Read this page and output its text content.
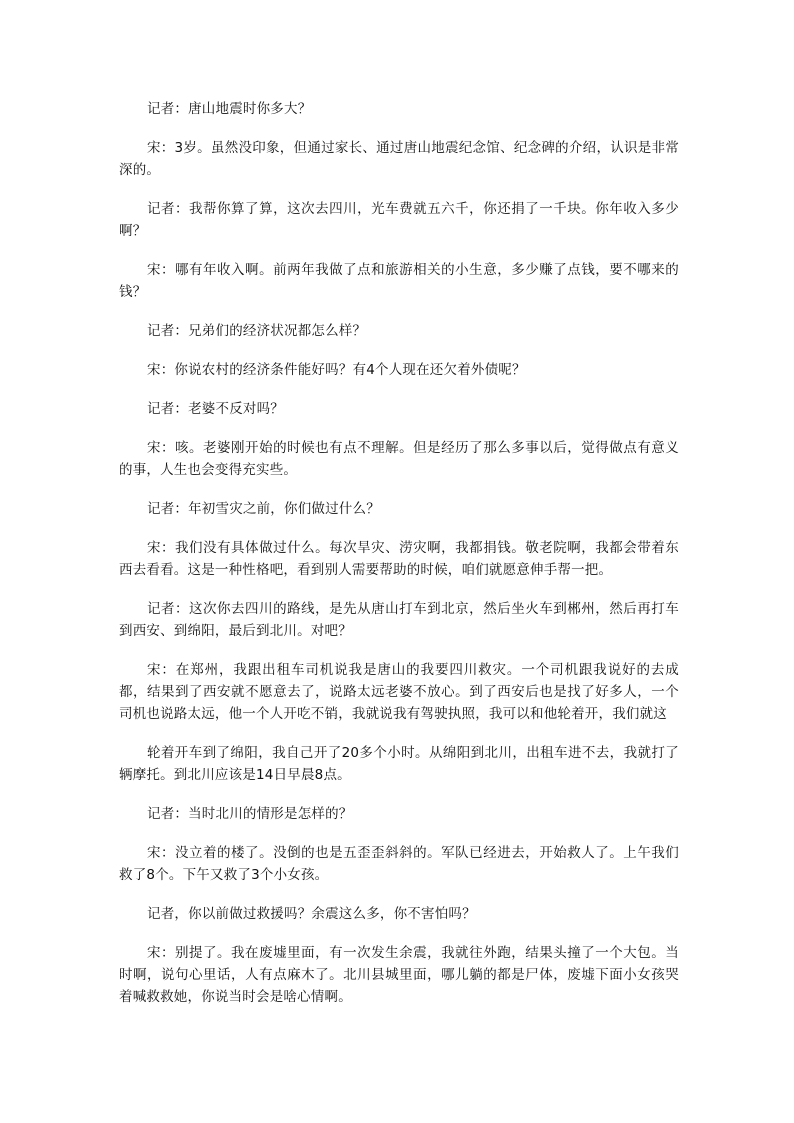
记者：唐山地震时你多大？

宋：3岁。虽然没印象，但通过家长、通过唐山地震纪念馆、纪念碑的介绍，认识是非常深的。

记者：我帮你算了算，这次去四川，光车费就五六千，你还捐了一千块。你年收入多少啊？

宋：哪有年收入啊。前两年我做了点和旅游相关的小生意，多少赚了点钱，要不哪来的钱？

记者：兄弟们的经济状况都怎么样？

宋：你说农村的经济条件能好吗？有4个人现在还欠着外债呢？

记者：老婆不反对吗？

宋：咳。老婆刚开始的时候也有点不理解。但是经历了那么多事以后，觉得做点有意义的事，人生也会变得充实些。

记者：年初雪灾之前，你们做过什么？

宋：我们没有具体做过什么。每次旱灾、涝灾啊，我都捐钱。敬老院啊，我都会带着东西去看看。这是一种性格吧，看到别人需要帮助的时候，咱们就愿意伸手帮一把。

记者：这次你去四川的路线，是先从唐山打车到北京，然后坐火车到郴州，然后再打车到西安、到绵阳，最后到北川。对吧？

宋：在郑州，我跟出租车司机说我是唐山的我要四川救灾。一个司机跟我说好的去成都，结果到了西安就不愿意去了，说路太远老婆不放心。到了西安后也是找了好多人，一个司机也说路太远，他一个人开吃不销，我就说我有驾驶执照，我可以和他轮着开，我们就这

轮着开车到了绵阳，我自己开了20多个小时。从绵阳到北川，出租车进不去，我就打了辆摩托。到北川应该是14日早晨8点。

记者：当时北川的情形是怎样的？

宋：没立着的楼了。没倒的也是五歪歪斜斜的。军队已经进去，开始救人了。上午我们救了8个。下午又救了3个小女孩。

记者，你以前做过救援吗？余震这么多，你不害怕吗？

宋：别提了。我在废墟里面，有一次发生余震，我就往外跑，结果头撞了一个大包。当时啊，说句心里话，人有点麻木了。北川县城里面，哪儿躺的都是尸体，废墟下面小女孩哭着喊救救她，你说当时会是啥心情啊。
